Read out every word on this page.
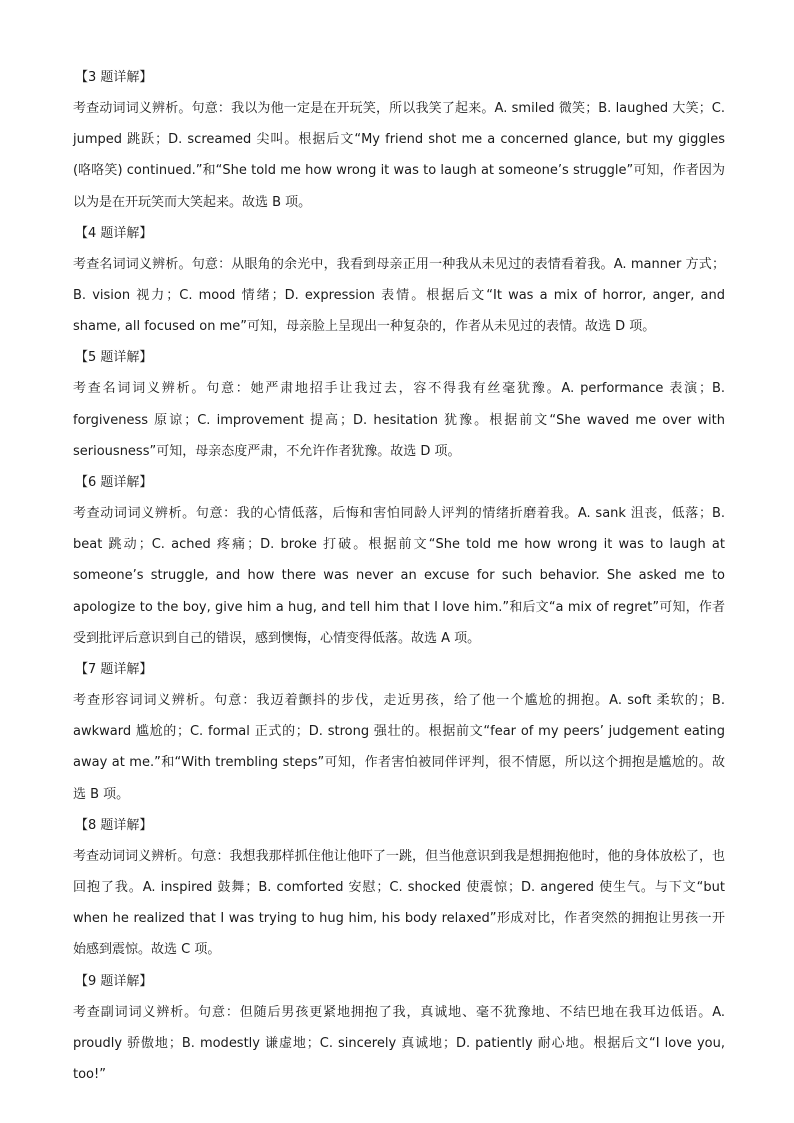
【3 题详解】

考查动词词义辨析。句意：我以为他一定是在开玩笑，所以我笑了起来。A. smiled 微笑；B. laughed 大笑；C. jumped 跳跃；D. screamed 尖叫。根据后文“My friend shot me a concerned glance, but my giggles (咯咯笑) continued.”和“She told me how wrong it was to laugh at someone’s struggle”可知，作者因为以为是在开玩笑而大笑起来。故选 B 项。

【4 题详解】

考查名词词义辨析。句意：从眼角的余光中，我看到母亲正用一种我从未见过的表情看着我。A. manner 方式；B. vision 视力；C. mood 情绪；D. expression 表情。根据后文“It was a mix of horror, anger, and shame, all focused on me”可知，母亲脸上呈现出一种复杂的，作者从未见过的表情。故选 D 项。

【5 题详解】

考查名词词义辨析。句意：她严肃地招手让我过去，容不得我有丝毫犹豫。A. performance 表演；B. forgiveness 原谅；C. improvement 提高；D. hesitation 犹豫。根据前文“She waved me over with seriousness”可知，母亲态度严肃，不允许作者犹豫。故选 D 项。

【6 题详解】

考查动词词义辨析。句意：我的心情低落，后悔和害怕同龄人评判的情绪折磨着我。A. sank 沮丧，低落；B. beat 跳动；C. ached 疼痛；D. broke 打破。根据前文“She told me how wrong it was to laugh at someone’s struggle, and how there was never an excuse for such behavior. She asked me to apologize to the boy, give him a hug, and tell him that I love him.”和后文“a mix of regret”可知，作者受到批评后意识到自己的错误，感到懊悔，心情变得低落。故选 A 项。

【7 题详解】

考查形容词词义辨析。句意：我迈着颤抖的步伐，走近男孩，给了他一个尴尬的拥抱。A. soft 柔软的；B. awkward 尴尬的；C. formal 正式的；D. strong 强壮的。根据前文“fear of my peers’ judgement eating away at me.”和“With trembling steps”可知，作者害怕被同伴评判，很不情愿，所以这个拥抱是尴尬的。故选 B 项。

【8 题详解】

考查动词词义辨析。句意：我想我那样抓住他让他吓了一跳，但当他意识到我是想拥抱他时，他的身体放松了，也回抱了我。A. inspired 鼓舞；B. comforted 安慰；C. shocked 使震惊；D. angered 使生气。与下文“but when he realized that I was trying to hug him, his body relaxed”形成对比，作者突然的拥抱让男孩一开始感到震惊。故选 C 项。

【9 题详解】

考查副词词义辨析。句意：但随后男孩更紧地拥抱了我，真诚地、毫不犹豫地、不结巴地在我耳边低语。A. proudly 骄傲地；B. modestly 谦虚地；C. sincerely 真诚地；D. patiently 耐心地。根据后文“I love you, too!”
